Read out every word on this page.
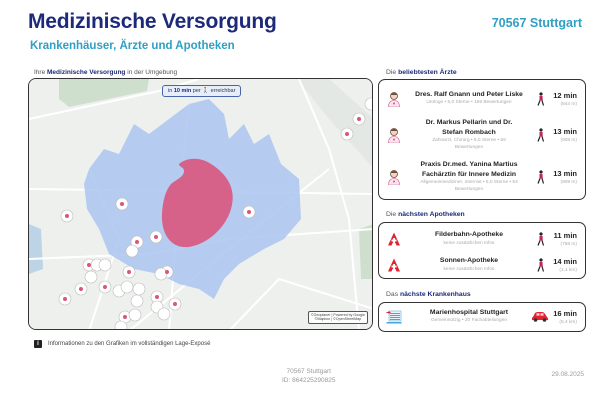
Medizinische Versorgung
Krankenhäuser, Ärzte und Apotheken
70567 Stuttgart
Ihre Medizinische Versorgung in der Umgebung
in 10 min per 🚶 erreichbar
©Geoplaner | Powered by Google
©Mapbox | ©OpenStreetMap
i	Informationen zu den Grafiken im vollständigen Lage-Exposé
Die beliebtesten Ärzte
Dres. Ralf Gnann und Peter Liske
Urologe • 5,0 Sterne • 169 Bewertungen
12 min
(844 m)
Dr. Markus Pellarin und Dr. Stefan Rombach
Zahnarzt, Chirurg • 5,0 Sterne • 59 Bewertungen
13 min
(908 m)
Praxis Dr.med. Yanina Martius Fachärztin für Innere Medizin
Allgemeinmediziner, Internist • 5,0 Sterne • 54 Bewertungen
13 min
(909 m)
Die nächsten Apotheken
Filderbahn-Apotheke
keine zusätzlichen Infos
11 min
(768 m)
Sonnen-Apotheke
keine zusätzlichen Infos
14 min
(1,1 km)
Das nächste Krankenhaus
Marienhospital Stuttgart
Gemeinnützig • 20 Fachabteilungen
16 min
(5,4 km)
70567 Stuttgart
ID: 864225290825
29.08.2025
